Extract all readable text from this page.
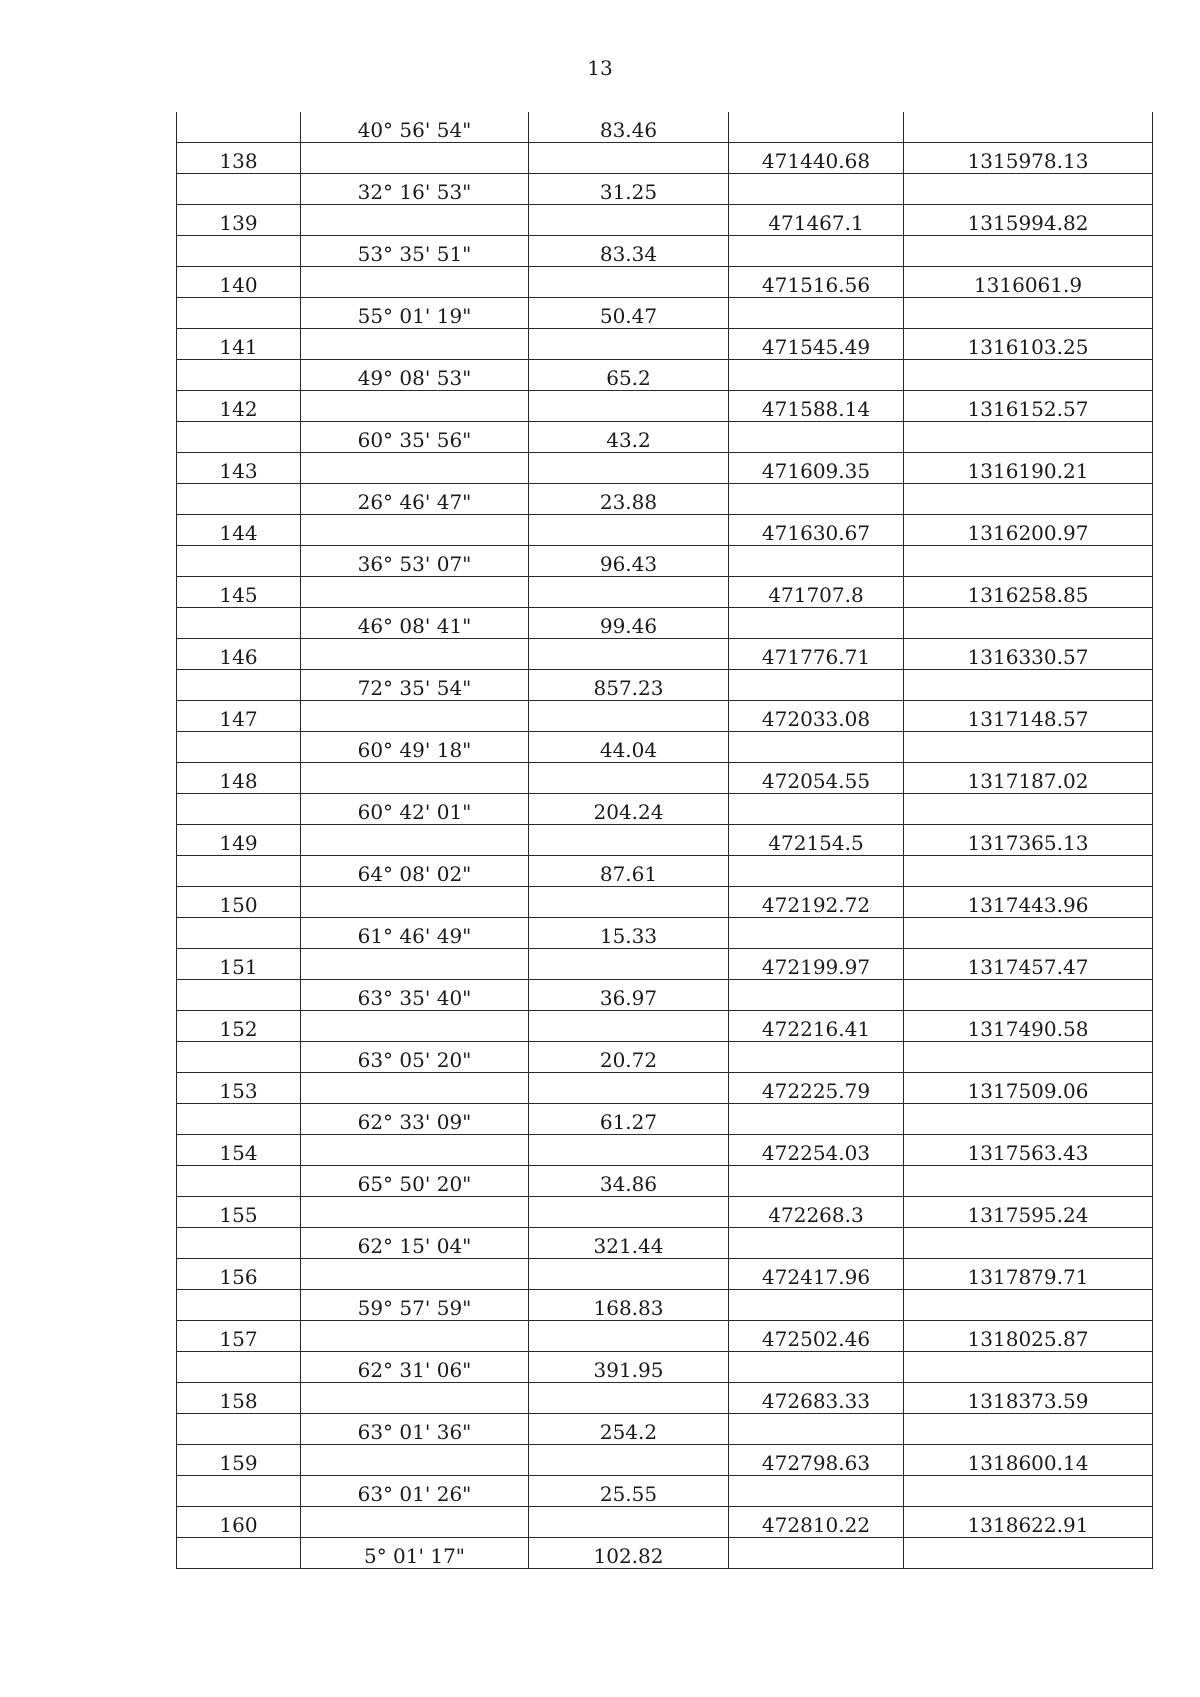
13
	40° 56' 54"	83.46		
138			471440.68	1315978.13
	32° 16' 53"	31.25		
139			471467.1	1315994.82
	53° 35' 51"	83.34		
140			471516.56	1316061.9
	55° 01' 19"	50.47		
141			471545.49	1316103.25
	49° 08' 53"	65.2		
142			471588.14	1316152.57
	60° 35' 56"	43.2		
143			471609.35	1316190.21
	26° 46' 47"	23.88		
144			471630.67	1316200.97
	36° 53' 07"	96.43		
145			471707.8	1316258.85
	46° 08' 41"	99.46		
146			471776.71	1316330.57
	72° 35' 54"	857.23		
147			472033.08	1317148.57
	60° 49' 18"	44.04		
148			472054.55	1317187.02
	60° 42' 01"	204.24		
149			472154.5	1317365.13
	64° 08' 02"	87.61		
150			472192.72	1317443.96
	61° 46' 49"	15.33		
151			472199.97	1317457.47
	63° 35' 40"	36.97		
152			472216.41	1317490.58
	63° 05' 20"	20.72		
153			472225.79	1317509.06
	62° 33' 09"	61.27		
154			472254.03	1317563.43
	65° 50' 20"	34.86		
155			472268.3	1317595.24
	62° 15' 04"	321.44		
156			472417.96	1317879.71
	59° 57' 59"	168.83		
157			472502.46	1318025.87
	62° 31' 06"	391.95		
158			472683.33	1318373.59
	63° 01' 36"	254.2		
159			472798.63	1318600.14
	63° 01' 26"	25.55		
160			472810.22	1318622.91
	5° 01' 17"	102.82		
